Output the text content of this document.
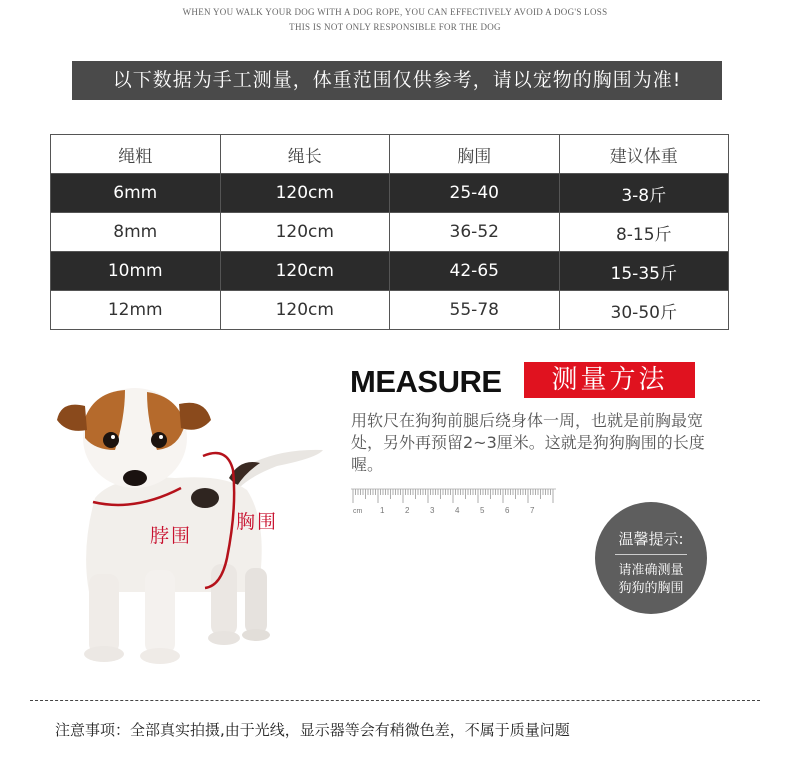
WHEN YOU WALK YOUR DOG WITH A DOG ROPE, YOU CAN EFFECTIVELY AVOID A DOG'S LOSS
THIS IS NOT ONLY RESPONSIBLE FOR THE DOG
以下数据为手工测量，体重范围仅供参考，请以宠物的胸围为准!
绳粗	绳长	胸围	建议体重
6mm	120cm	25-40	3-8斤
8mm	120cm	36-52	8-15斤
10mm	120cm	42-65	15-35斤
12mm	120cm	55-78	30-50斤
脖围
胸围
MEASURE	测量方法
用软尺在狗狗前腿后绕身体一周，也就是前胸最宽处，另外再预留2~3厘米。这就是狗狗胸围的长度喔。
cm 1	2	3	4	5	6	7
温馨提示:
请准确测量
狗狗的胸围
注意事项：全部真实拍摄,由于光线，显示器等会有稍微色差，不属于质量问题
